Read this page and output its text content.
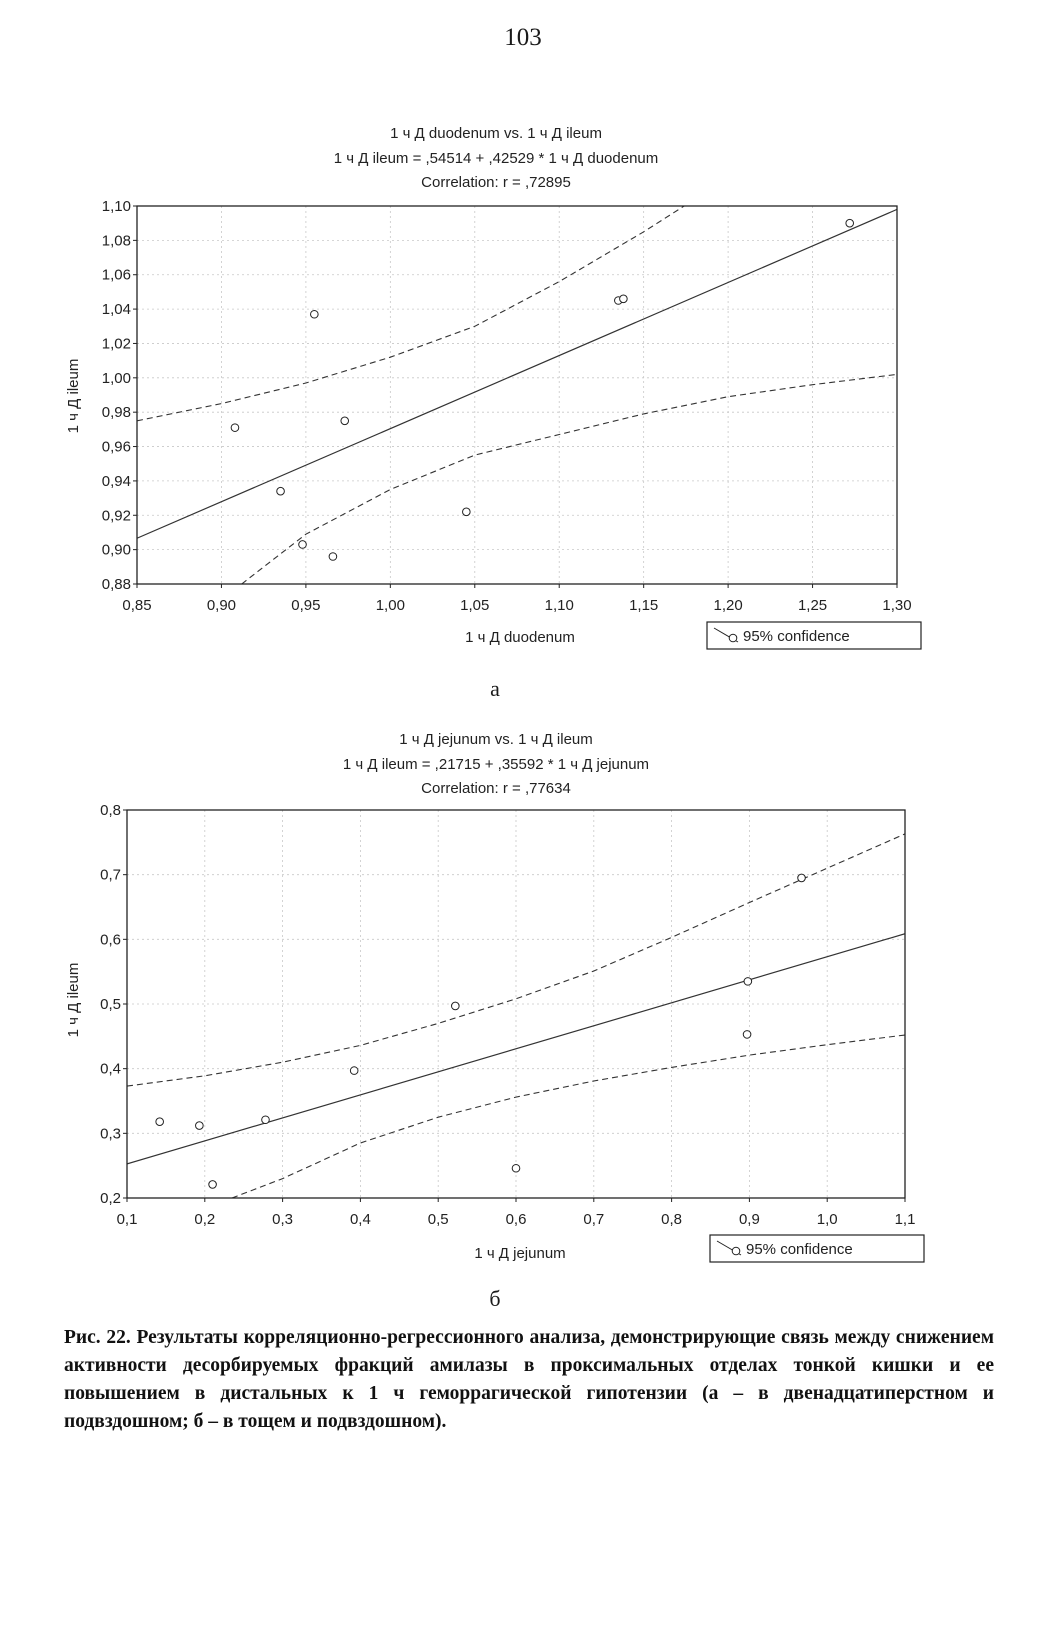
103
1 ч Д duodenum vs. 1 ч Д ileum
1 ч Д ileum = ,54514 + ,42529 * 1 ч Д duodenum
Correlation: r = ,72895
0,85	0,90	0,95	1,00	1,05	1,10	1,15	1,20	1,25	1,30
0,88
0,90
0,92
0,94
0,96
0,98
1,00
1,02
1,04
1,06
1,08
1,10
1 ч Д duodenum
1 ч Д ileum
95% confidence
а
1 ч Д jejunum vs. 1 ч Д ileum
1 ч Д ileum = ,21715 + ,35592 * 1 ч Д jejunum
Correlation: r = ,77634
0,1	0,2	0,3	0,4	0,5	0,6	0,7	0,8	0,9	1,0	1,1
0,2
0,3
0,4
0,5
0,6
0,7
0,8
1 ч Д jejunum
1 ч Д ileum
95% confidence
б
Рис. 22. Результаты корреляционно-регрессионного анализа, демонстрирующие связь между снижением активности десорбируемых фракций амилазы в проксимальных отделах тонкой кишки и ее повышением в дистальных к 1 ч геморрагической гипотензии (а – в двенадцатиперстном и подвздошном; б – в тощем и подвздошном).
